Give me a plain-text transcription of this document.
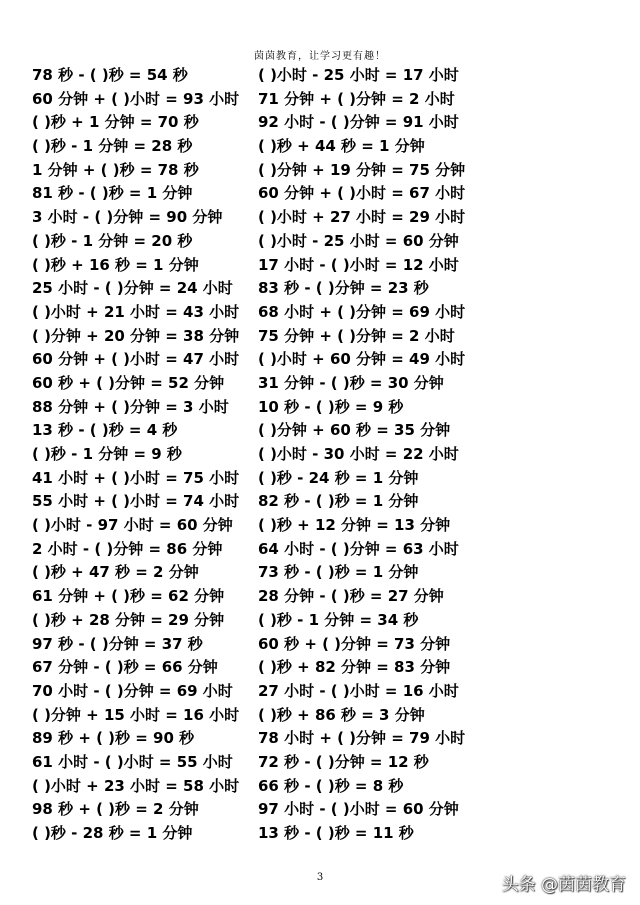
茵茵教育，让学习更有趣！
78 秒 - ( )秒 = 54 秒
60 分钟 + ( )小时 = 93 小时
( )秒 + 1 分钟 = 70 秒
( )秒 - 1 分钟 = 28 秒
1 分钟 + ( )秒 = 78 秒
81 秒 - ( )秒 = 1 分钟
3 小时 - ( )分钟 = 90 分钟
( )秒 - 1 分钟 = 20 秒
( )秒 + 16 秒 = 1 分钟
25 小时 - ( )分钟 = 24 小时
( )小时 + 21 小时 = 43 小时
( )分钟 + 20 分钟 = 38 分钟
60 分钟 + ( )小时 = 47 小时
60 秒 + ( )分钟 = 52 分钟
88 分钟 + ( )分钟 = 3 小时
13 秒 - ( )秒 = 4 秒
( )秒 - 1 分钟 = 9 秒
41 小时 + ( )小时 = 75 小时
55 小时 + ( )小时 = 74 小时
( )小时 - 97 小时 = 60 分钟
2 小时 - ( )分钟 = 86 分钟
( )秒 + 47 秒 = 2 分钟
61 分钟 + ( )秒 = 62 分钟
( )秒 + 28 分钟 = 29 分钟
97 秒 - ( )分钟 = 37 秒
67 分钟 - ( )秒 = 66 分钟
70 小时 - ( )分钟 = 69 小时
( )分钟 + 15 小时 = 16 小时
89 秒 + ( )秒 = 90 秒
61 小时 - ( )小时 = 55 小时
( )小时 + 23 小时 = 58 小时
98 秒 + ( )秒 = 2 分钟
( )秒 - 28 秒 = 1 分钟
( )小时 - 25 小时 = 17 小时
71 分钟 + ( )分钟 = 2 小时
92 小时 - ( )分钟 = 91 小时
( )秒 + 44 秒 = 1 分钟
( )分钟 + 19 分钟 = 75 分钟
60 分钟 + ( )小时 = 67 小时
( )小时 + 27 小时 = 29 小时
( )小时 - 25 小时 = 60 分钟
17 小时 - ( )小时 = 12 小时
83 秒 - ( )分钟 = 23 秒
68 小时 + ( )分钟 = 69 小时
75 分钟 + ( )分钟 = 2 小时
( )小时 + 60 分钟 = 49 小时
31 分钟 - ( )秒 = 30 分钟
10 秒 - ( )秒 = 9 秒
( )分钟 + 60 秒 = 35 分钟
( )小时 - 30 小时 = 22 小时
( )秒 - 24 秒 = 1 分钟
82 秒 - ( )秒 = 1 分钟
( )秒 + 12 分钟 = 13 分钟
64 小时 - ( )分钟 = 63 小时
73 秒 - ( )秒 = 1 分钟
28 分钟 - ( )秒 = 27 分钟
( )秒 - 1 分钟 = 34 秒
60 秒 + ( )分钟 = 73 分钟
( )秒 + 82 分钟 = 83 分钟
27 小时 - ( )小时 = 16 小时
( )秒 + 86 秒 = 3 分钟
78 小时 + ( )分钟 = 79 小时
72 秒 - ( )分钟 = 12 秒
66 秒 - ( )秒 = 8 秒
97 小时 - ( )小时 = 60 分钟
13 秒 - ( )秒 = 11 秒
3	头条 @茵茵教育
